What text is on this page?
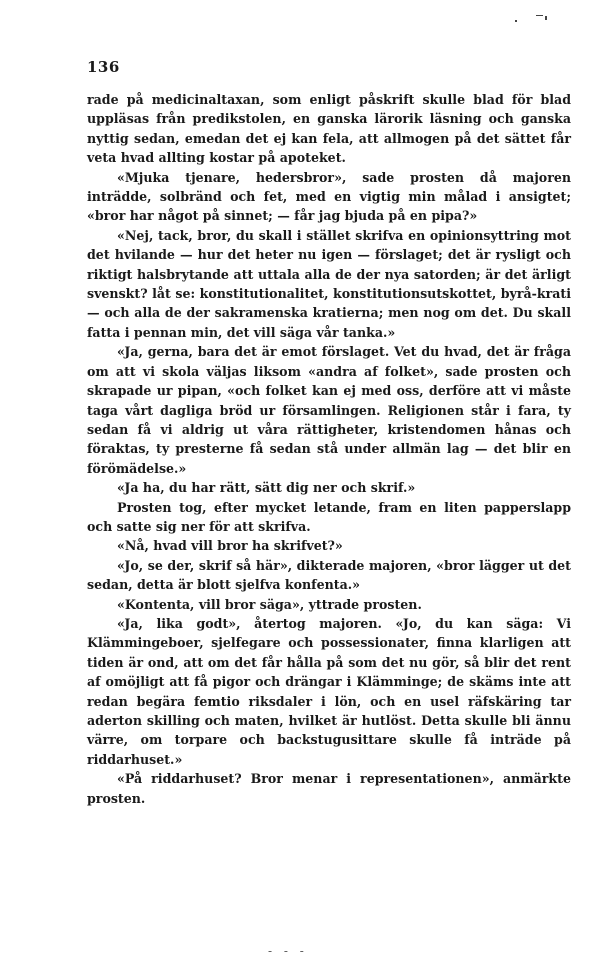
136

rade på medicinaltaxan, som enligt påskrift skulle blad för blad uppläsas från predikstolen, en ganska lärorik läsning och ganska nyttig sedan, emedan det ej kan fela, att allmogen på det sättet får veta hvad allting kostar på apoteket.

«Mjuka tjenare, hedersbror», sade prosten då majoren inträdde, solbränd och fet, med en vigtig min målad i ansigtet; «bror har något på sinnet; — får jag bjuda på en pipa?»

«Nej, tack, bror, du skall i stället skrifva en opinionsyttring mot det hvilande — hur det heter nu igen — förslaget; det är rysligt och riktigt halsbrytande att uttala alla de der nya satorden; är det ärligt svenskt? låt se: konstitutionalitet, konstitutionsutskottet, byrå-krati — och alla de der sakramenska kratierna; men nog om det. Du skall fatta i pennan min, det vill säga vår tanka.»

«Ja, gerna, bara det är emot förslaget. Vet du hvad, det är fråga om att vi skola väljas liksom «andra af folket», sade prosten och skrapade ur pipan, «och folket kan ej med oss, derföre att vi måste taga vårt dagliga bröd ur församlingen. Religionen står i fara, ty sedan få vi aldrig ut våra rättigheter, kristendomen hånas och föraktas, ty presterne få sedan stå under allmän lag — det blir en förömädelse.»

«Ja ha, du har rätt, sätt dig ner och skrif.»

Prosten tog, efter mycket letande, fram en liten papperslapp och satte sig ner för att skrifva.

«Nå, hvad vill bror ha skrifvet?»

«Jo, se der, skrif så här», dikterade majoren, «bror lägger ut det sedan, detta är blott sjelfva konfenta.»

«Kontenta, vill bror säga», yttrade prosten.

«Ja, lika godt», återtog majoren. «Jo, du kan säga: Vi Klämmingeboer, sjelfegare och possessionater, finna klarligen att tiden är ond, att om det får hålla på som det nu gör, så blir det rent af omöjligt att få pigor och drängar i Klämminge; de skäms inte att redan begära femtio riksdaler i lön, och en usel räfskäring tar aderton skilling och maten, hvilket är hutlöst. Detta skulle bli ännu värre, om torpare och backstugusittare skulle få inträde på riddarhuset.»

«På riddarhuset? Bror menar i representationen», anmärkte prosten.

- - -
